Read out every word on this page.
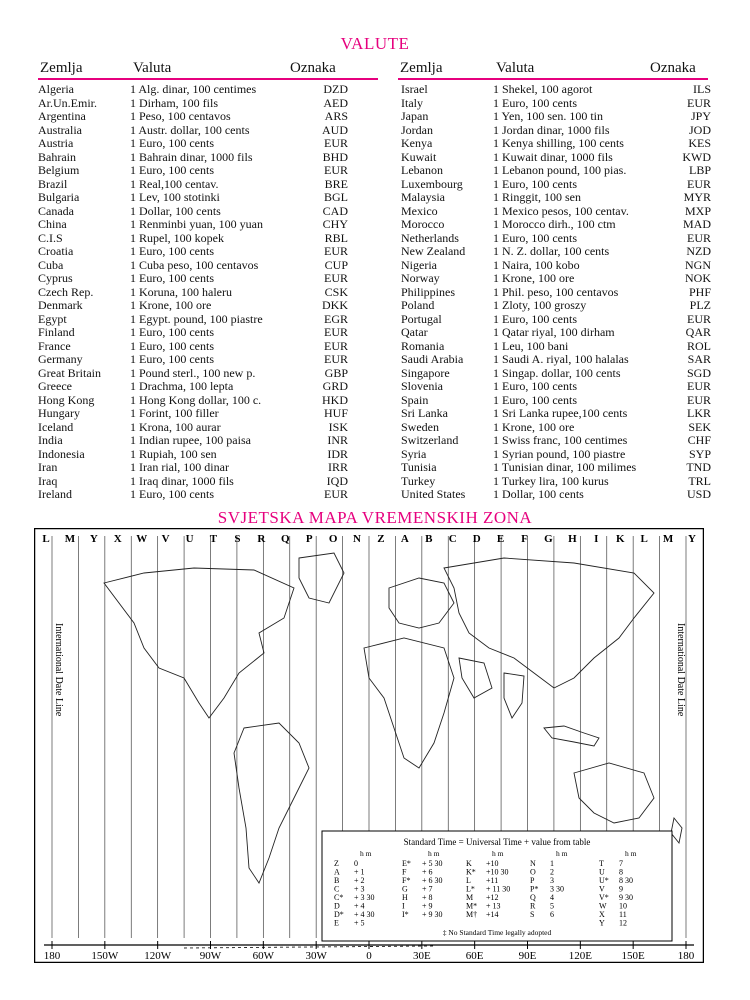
VALUTE
Zemlja	Valuta	Oznaka	Zemlja	Valuta	Oznaka
Algeria	1 Alg. dinar, 100 centimes	DZD
Ar.Un.Emir.	1 Dirham, 100 fils	AED
Argentina	1 Peso, 100 centavos	ARS
Australia	1 Austr. dollar, 100 cents	AUD
Austria	1 Euro, 100 cents	EUR
Bahrain	1 Bahrain dinar, 1000 fils	BHD
Belgium	1 Euro, 100 cents	EUR
Brazil	1 Real,100 centav.	BRE
Bulgaria	1 Lev, 100 stotinki	BGL
Canada	1 Dollar, 100 cents	CAD
China	1 Renminbi yuan, 100 yuan	CHY
C.I.S	1 Rupel, 100 kopek	RBL
Croatia	1 Euro, 100 cents	EUR
Cuba	1 Cuba peso, 100 centavos	CUP
Cyprus	1 Euro, 100 cents	EUR
Czech Rep.	1 Koruna, 100 haleru	CSK
Denmark	1 Krone, 100 ore	DKK
Egypt	1 Egypt. pound, 100 piastre	EGR
Finland	1 Euro, 100 cents	EUR
France	1 Euro, 100 cents	EUR
Germany	1 Euro, 100 cents	EUR
Great Britain 1 Pound sterl., 100 new p.	GBP
Greece	1 Drachma, 100 lepta	GRD
Hong Kong	1 Hong Kong dollar, 100 c.	HKD
Hungary	1 Forint, 100 filler	HUF
Iceland	1 Krona, 100 aurar	ISK
India	1 Indian rupee, 100 paisa	INR
Indonesia	1 Rupiah, 100 sen	IDR
Iran	1 Iran rial, 100 dinar	IRR
Iraq	1 Iraq dinar, 1000 fils	IQD
Ireland	1 Euro, 100 cents	EUR
Israel	1 Shekel, 100 agorot	ILS
Italy	1 Euro, 100 cents	EUR
Japan	1 Yen, 100 sen. 100 tin	JPY
Jordan	1 Jordan dinar, 1000 fils	JOD
Kenya	1 Kenya shilling, 100 cents	KES
Kuwait	1 Kuwait dinar, 1000 fils	KWD
Lebanon	1 Lebanon pound, 100 pias.	LBP
Luxembourg	1 Euro, 100 cents	EUR
Malaysia	1 Ringgit, 100 sen	MYR
Mexico	1 Mexico pesos, 100 centav.	MXP
Morocco	1 Morocco dirh., 100 ctm	MAD
Netherlands	1 Euro, 100 cents	EUR
New Zealand 1 N. Z. dollar, 100 cents	NZD
Nigeria	1 Naira, 100 kobo	NGN
Norway	1 Krone, 100 ore	NOK
Philippines	1 Phil. peso, 100 centavos	PHF
Poland	1 Zloty, 100 groszy	PLZ
Portugal	1 Euro, 100 cents	EUR
Qatar	1 Qatar riyal, 100 dirham	QAR
Romania	1 Leu, 100 bani	ROL
Saudi Arabia 1 Saudi A. riyal, 100 halalas	SAR
Singapore	1 Singap. dollar, 100 cents	SGD
Slovenia	1 Euro, 100 cents	EUR
Spain	1 Euro, 100 cents	EUR
Sri Lanka	1 Sri Lanka rupee,100 cents	LKR
Sweden	1 Krone, 100 ore	SEK
Switzerland	1 Swiss franc, 100 centimes	CHF
Syria	1 Syrian pound, 100 piastre	SYP
Tunisia	1 Tunisian dinar, 100 milimes	TND
Turkey	1 Turkey lira, 100 kurus	TRL
United States 1 Dollar, 100 cents	USD
SVJETSKA MAPA VREMENSKIH ZONA
L M Y X W V U T S R Q P O N Z A B C D E F G H I K L M Y
International Date Line	International Date Line
Standard Time = Universal Time + value from table
h m
Z 0
A + 1
B + 2
C + 3
C* + 3 30
D + 4
D* + 4 30
E + 5
h m
E* + 5 30
F + 6
F* + 6 30
G + 7
H + 8
I + 9
I* + 9 30
h m
K +10
K* +10 30
L +11
L* + 11 30
M +12
M* + 13
M† +14
h m
N 1
O 2
P 3
P* 3 30
Q 4
R 5
S 6
h m
T 7
U 8
U* 8 30
V 9
V* 9 30
W 10
X 11
Y 12
‡ No Standard Time legally adopted
180	150W 120W	90W	60W	30W	0	30E	60E	90E	120E	150E	180
